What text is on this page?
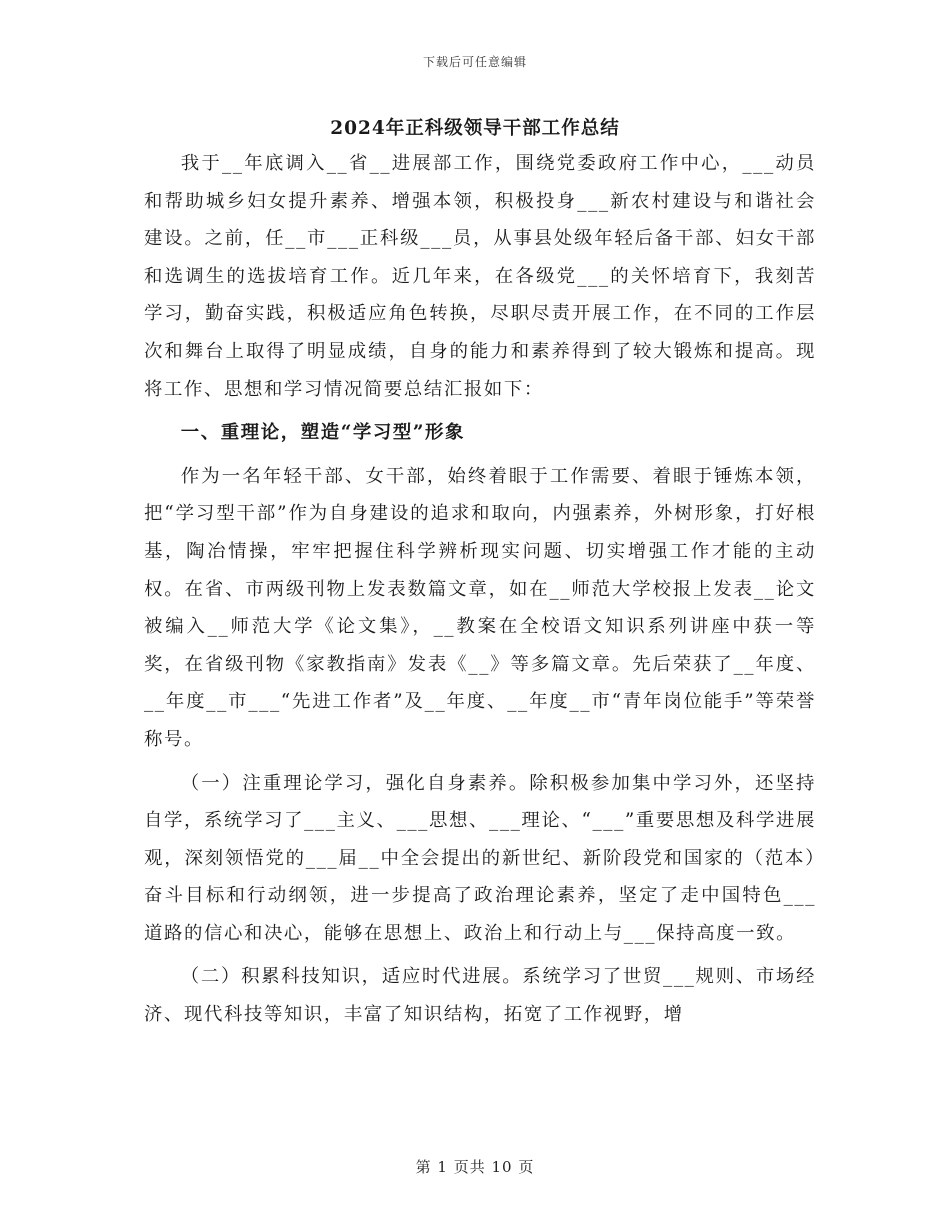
下载后可任意编辑
2024年正科级领导干部工作总结

我于__年底调入__省__进展部工作，围绕党委政府工作中心，___动员和帮助城乡妇女提升素养、增强本领，积极投身___新农村建设与和谐社会建设。之前，任__市___正科级___员，从事县处级年轻后备干部、妇女干部和选调生的选拔培育工作。近几年来，在各级党___的关怀培育下，我刻苦学习，勤奋实践，积极适应角色转换，尽职尽责开展工作，在不同的工作层次和舞台上取得了明显成绩，自身的能力和素养得到了较大锻炼和提高。现将工作、思想和学习情况简要总结汇报如下：

一、重理论，塑造“学习型”形象

作为一名年轻干部、女干部，始终着眼于工作需要、着眼于锤炼本领，把“学习型干部”作为自身建设的追求和取向，内强素养，外树形象，打好根基，陶冶情操，牢牢把握住科学辨析现实问题、切实增强工作才能的主动权。在省、市两级刊物上发表数篇文章，如在__师范大学校报上发表__论文被编入__师范大学《论文集》，__教案在全校语文知识系列讲座中获一等奖，在省级刊物《家教指南》发表《__》等多篇文章。先后荣获了__年度、__年度__市___“先进工作者”及__年度、__年度__市“青年岗位能手”等荣誉称号。

（一）注重理论学习，强化自身素养。除积极参加集中学习外，还坚持自学，系统学习了___主义、___思想、___理论、“___”重要思想及科学进展观，深刻领悟党的___届__中全会提出的新世纪、新阶段党和国家的（范本）奋斗目标和行动纲领，进一步提高了政治理论素养，坚定了走中国特色___道路的信心和决心，能够在思想上、政治上和行动上与___保持高度一致。

（二）积累科技知识，适应时代进展。系统学习了世贸___规则、市场经济、现代科技等知识，丰富了知识结构，拓宽了工作视野，增

第 1 页共 10 页
